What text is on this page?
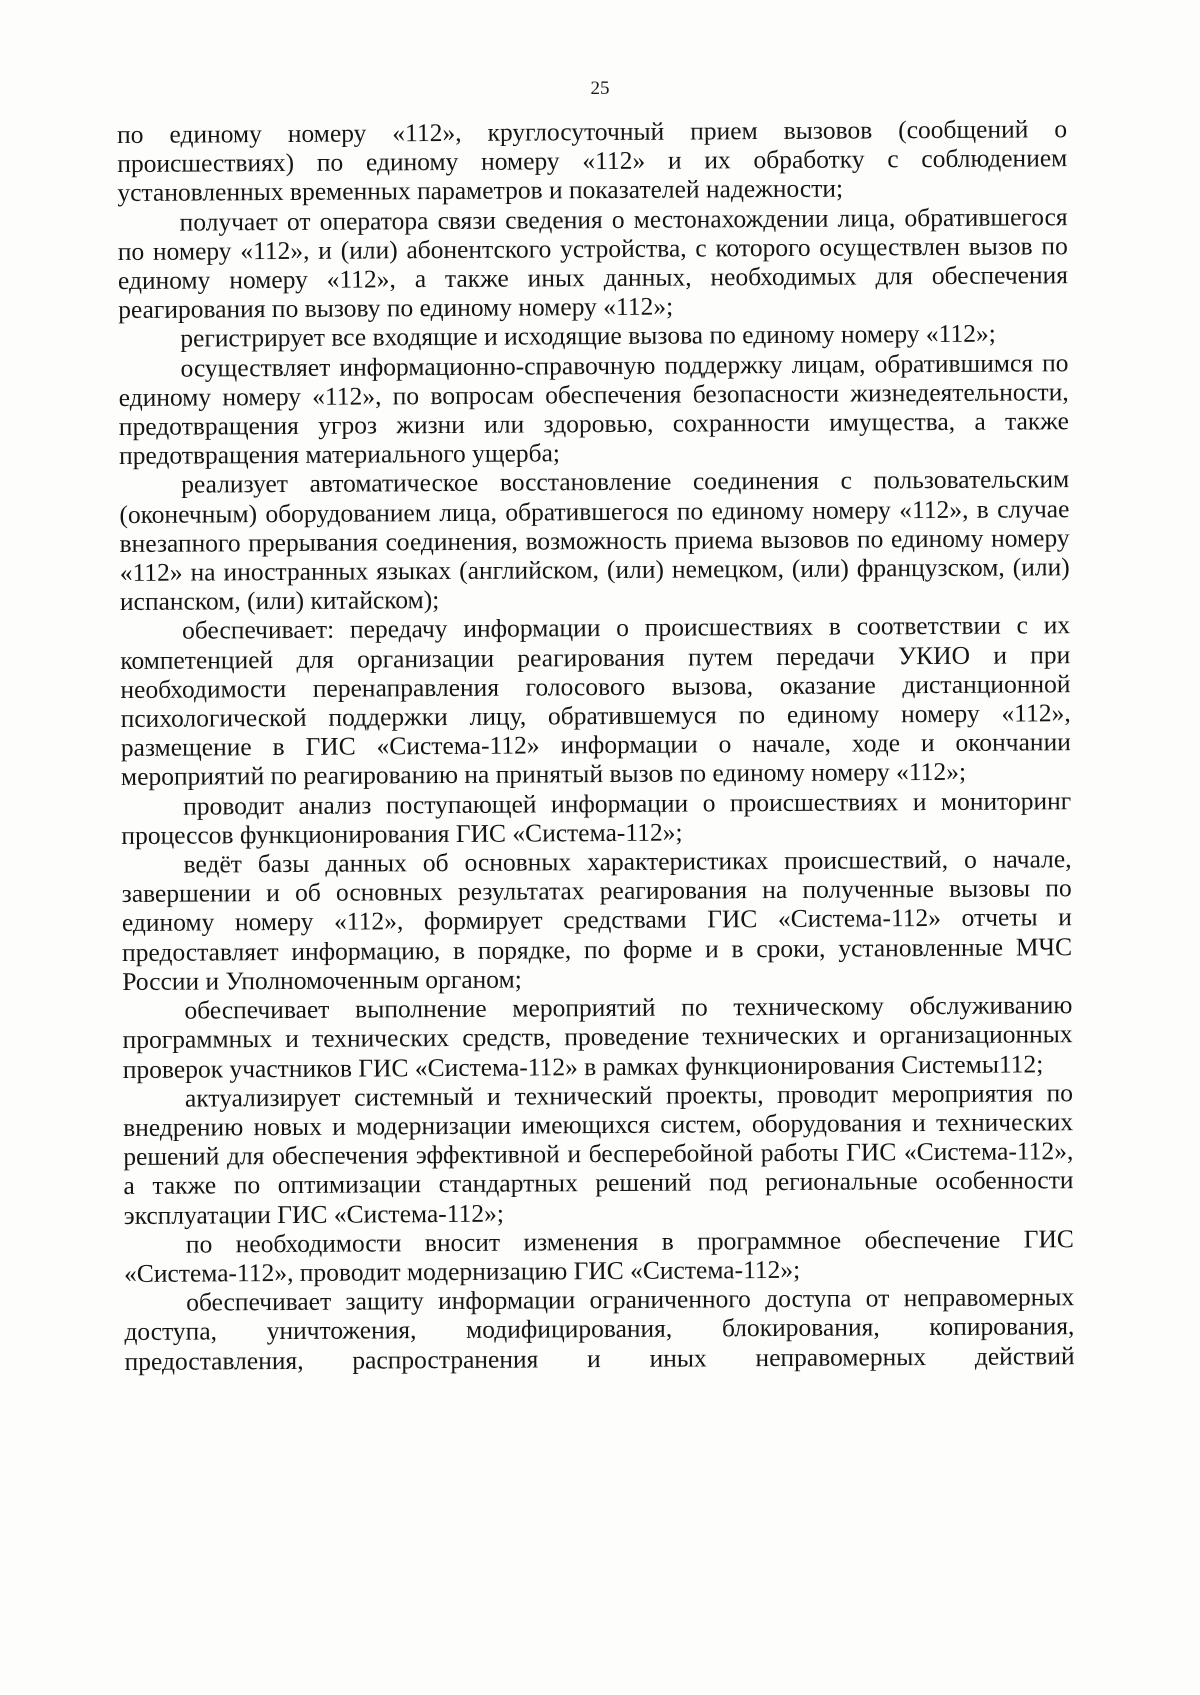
25

по единому номеру «112», круглосуточный прием вызовов (сообщений о происшествиях) по единому номеру «112» и их обработку с соблюдением установленных временных параметров и показателей надежности;

получает от оператора связи сведения о местонахождении лица, обратившегося по номеру «112», и (или) абонентского устройства, с которого осуществлен вызов по единому номеру «112», а также иных данных, необходимых для обеспечения реагирования по вызову по единому номеру «112»;

регистрирует все входящие и исходящие вызова по единому номеру «112»;

осуществляет информационно-справочную поддержку лицам, обратившимся по единому номеру «112», по вопросам обеспечения безопасности жизнедеятельности, предотвращения угроз жизни или здоровью, сохранности имущества, а также предотвращения материального ущерба;

реализует автоматическое восстановление соединения с пользовательским (оконечным) оборудованием лица, обратившегося по единому номеру «112», в случае внезапного прерывания соединения, возможность приема вызовов по единому номеру «112» на иностранных языках (английском, (или) немецком, (или) французском, (или) испанском, (или) китайском);

обеспечивает: передачу информации о происшествиях в соответствии с их компетенцией для организации реагирования путем передачи УКИО и при необходимости перенаправления голосового вызова, оказание дистанционной психологической поддержки лицу, обратившемуся по единому номеру «112», размещение в ГИС «Система-112» информации о начале, ходе и окончании мероприятий по реагированию на принятый вызов по единому номеру «112»;

проводит анализ поступающей информации о происшествиях и мониторинг процессов функционирования ГИС «Система-112»;

ведёт базы данных об основных характеристиках происшествий, о начале, завершении и об основных результатах реагирования на полученные вызовы по единому номеру «112», формирует средствами ГИС «Система-112» отчеты и предоставляет информацию, в порядке, по форме и в сроки, установленные МЧС России и Уполномоченным органом;

обеспечивает выполнение мероприятий по техническому обслуживанию программных и технических средств, проведение технических и организационных проверок участников ГИС «Система-112» в рамках функционирования Системы112;

актуализирует системный и технический проекты, проводит мероприятия по внедрению новых и модернизации имеющихся систем, оборудования и технических решений для обеспечения эффективной и бесперебойной работы ГИС «Система-112», а также по оптимизации стандартных решений под региональные особенности эксплуатации ГИС «Система-112»;

по необходимости вносит изменения в программное обеспечение ГИС «Система-112», проводит модернизацию ГИС «Система-112»;

обеспечивает защиту информации ограниченного доступа от неправомерных доступа, уничтожения, модифицирования, блокирования, копирования, предоставления, распространения и иных неправомерных действий
